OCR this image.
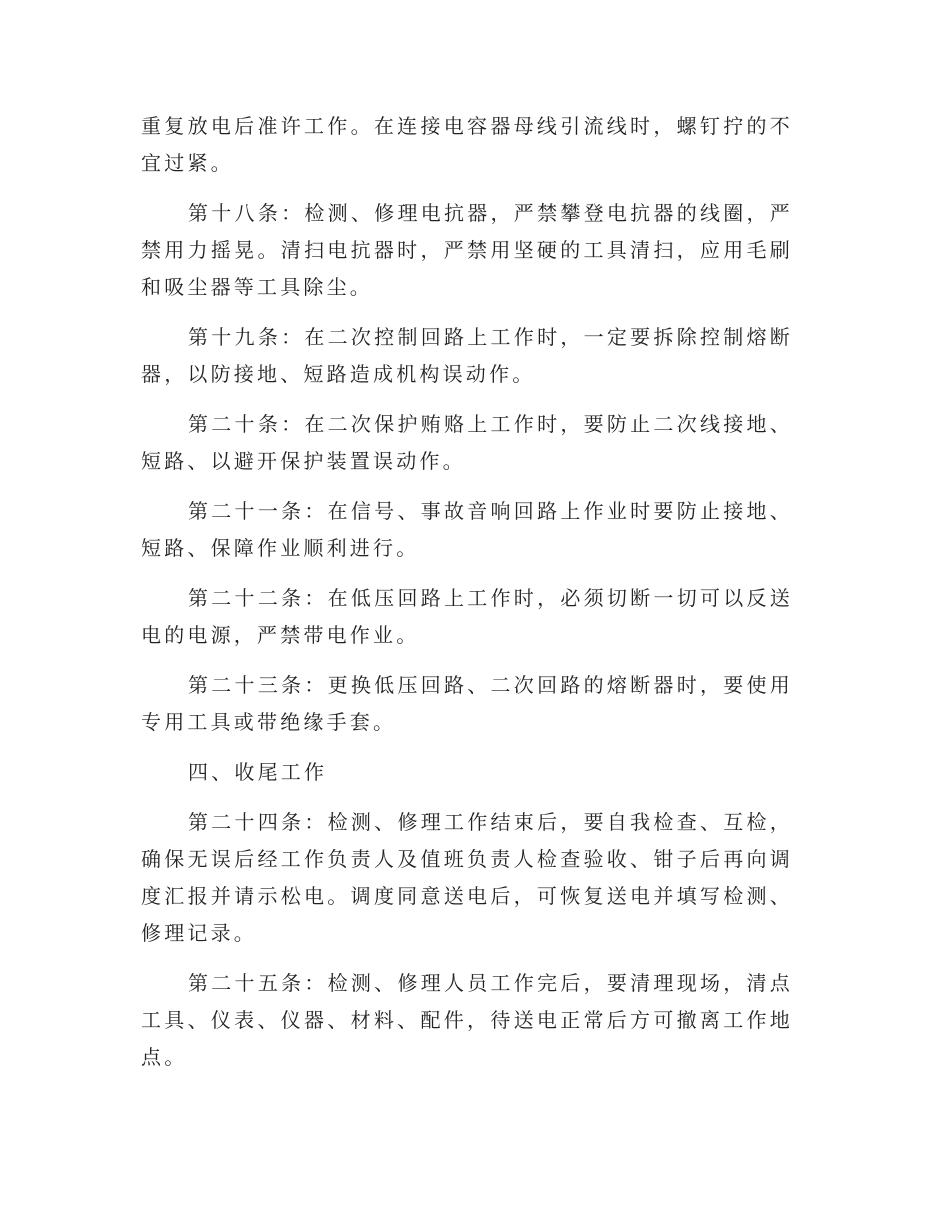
重复放电后准许工作。在连接电容器母线引流线时，螺钉拧的不宜过紧。

第十八条：检测、修理电抗器，严禁攀登电抗器的线圈，严禁用力摇晃。清扫电抗器时，严禁用坚硬的工具清扫，应用毛刷和吸尘器等工具除尘。

第十九条：在二次控制回路上工作时，一定要拆除控制熔断器，以防接地、短路造成机构误动作。

第二十条：在二次保护贿赂上工作时，要防止二次线接地、短路、以避开保护装置误动作。

第二十一条：在信号、事故音响回路上作业时要防止接地、短路、保障作业顺利进行。

第二十二条：在低压回路上工作时，必须切断一切可以反送电的电源，严禁带电作业。

第二十三条：更换低压回路、二次回路的熔断器时，要使用专用工具或带绝缘手套。

四、收尾工作

第二十四条：检测、修理工作结束后，要自我检查、互检，确保无误后经工作负责人及值班负责人检查验收、钳子后再向调度汇报并请示松电。调度同意送电后，可恢复送电并填写检测、修理记录。

第二十五条：检测、修理人员工作完后，要清理现场，清点工具、仪表、仪器、材料、配件，待送电正常后方可撤离工作地点。
